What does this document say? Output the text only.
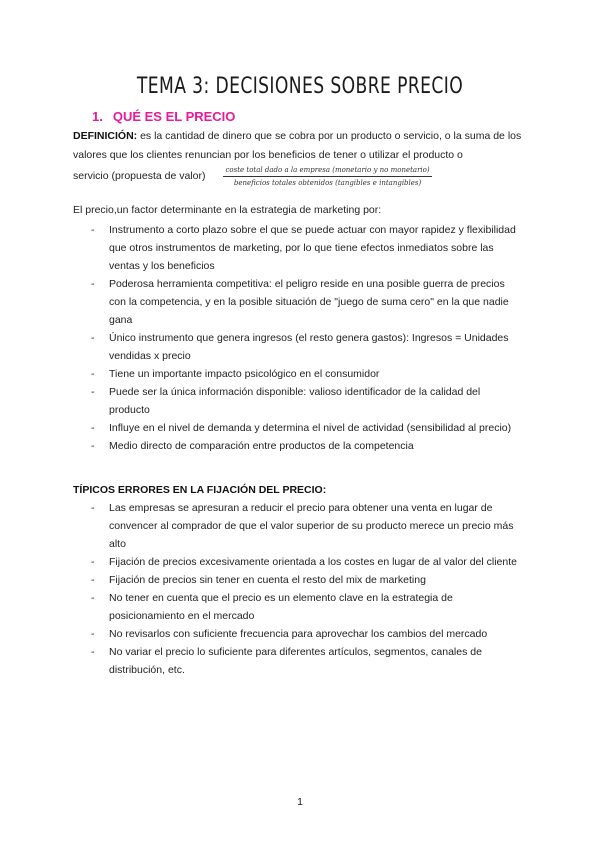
TEMA 3: DECISIONES SOBRE PRECIO
1. QUÉ ES EL PRECIO
DEFINICIÓN: es la cantidad de dinero que se cobra por un producto o servicio, o la suma de los valores que los clientes renuncian por los beneficios de tener o utilizar el producto o
servicio (propuesta de valor)	$\frac{\text{coste total dado a la empresa (monetario y no monetario)}}{\text{beneficios totales obtenidos (tangibles e intangibles)}}$
El precio,un factor determinante en la estrategia de marketing por:
- Instrumento a corto plazo sobre el que se puede actuar con mayor rapidez y flexibilidad que otros instrumentos de marketing, por lo que tiene efectos inmediatos sobre las ventas y los beneficios
- Poderosa herramienta competitiva: el peligro reside en una posible guerra de precios con la competencia, y en la posible situación de "juego de suma cero" en la que nadie gana
- Único instrumento que genera ingresos (el resto genera gastos): Ingresos = Unidades vendidas x precio
- Tiene un importante impacto psicológico en el consumidor
- Puede ser la única información disponible: valioso identificador de la calidad del producto
- Influye en el nivel de demanda y determina el nivel de actividad (sensibilidad al precio)
- Medio directo de comparación entre productos de la competencia
TÍPICOS ERRORES EN LA FIJACIÓN DEL PRECIO:
- Las empresas se apresuran a reducir el precio para obtener una venta en lugar de convencer al comprador de que el valor superior de su producto merece un precio más alto
- Fijación de precios excesivamente orientada a los costes en lugar de al valor del cliente
- Fijación de precios sin tener en cuenta el resto del mix de marketing
- No tener en cuenta que el precio es un elemento clave en la estrategia de posicionamiento en el mercado
- No revisarlos con suficiente frecuencia para aprovechar los cambios del mercado
- No variar el precio lo suficiente para diferentes artículos, segmentos, canales de distribución, etc.
1
